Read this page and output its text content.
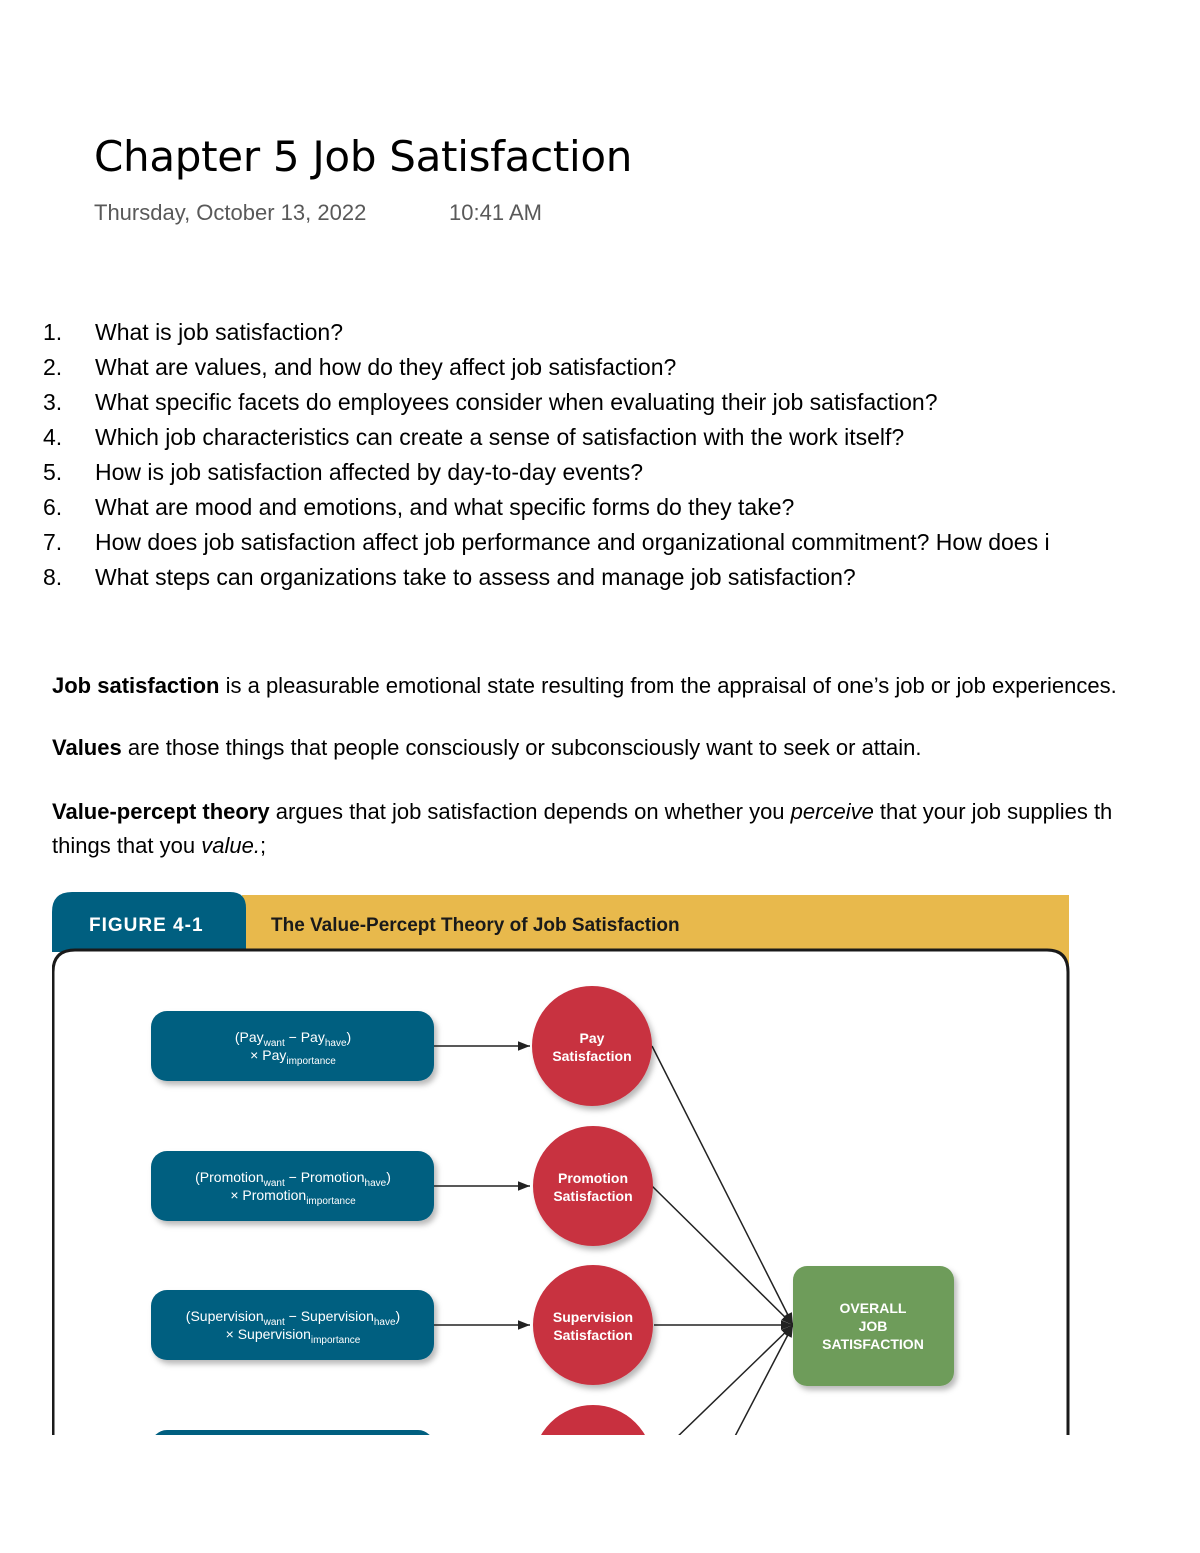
Chapter 5 Job Satisfaction
Thursday, October 13, 2022	10:41 AM
1. What is job satisfaction?
2. What are values, and how do they affect job satisfaction?
3. What specific facets do employees consider when evaluating their job satisfaction?
4. Which job characteristics can create a sense of satisfaction with the work itself?
5. How is job satisfaction affected by day-to-day events?
6. What are mood and emotions, and what specific forms do they take?
7. How does job satisfaction affect job performance and organizational commitment? How does i
8. What steps can organizations take to assess and manage job satisfaction?

Job satisfaction is a pleasurable emotional state resulting from the appraisal of one’s job or job experiences.

Values are those things that people consciously or subconsciously want to seek or attain.

Value-percept theory argues that job satisfaction depends on whether you perceive that your job supplies th
things that you value.;

FIGURE 4-1	The Value-Percept Theory of Job Satisfaction
(Pay$_{want}$ − Pay$_{have}$)
× Pay$_{importance}$
(Promotion$_{want}$ − Promotion$_{have}$)
× Promotion$_{importance}$
(Supervision$_{want}$ − Supervision$_{have}$)
× Supervision$_{importance}$
Pay
Satisfaction
Promotion
Satisfaction
Supervision
Satisfaction
OVERALL
JOB
SATISFACTION
